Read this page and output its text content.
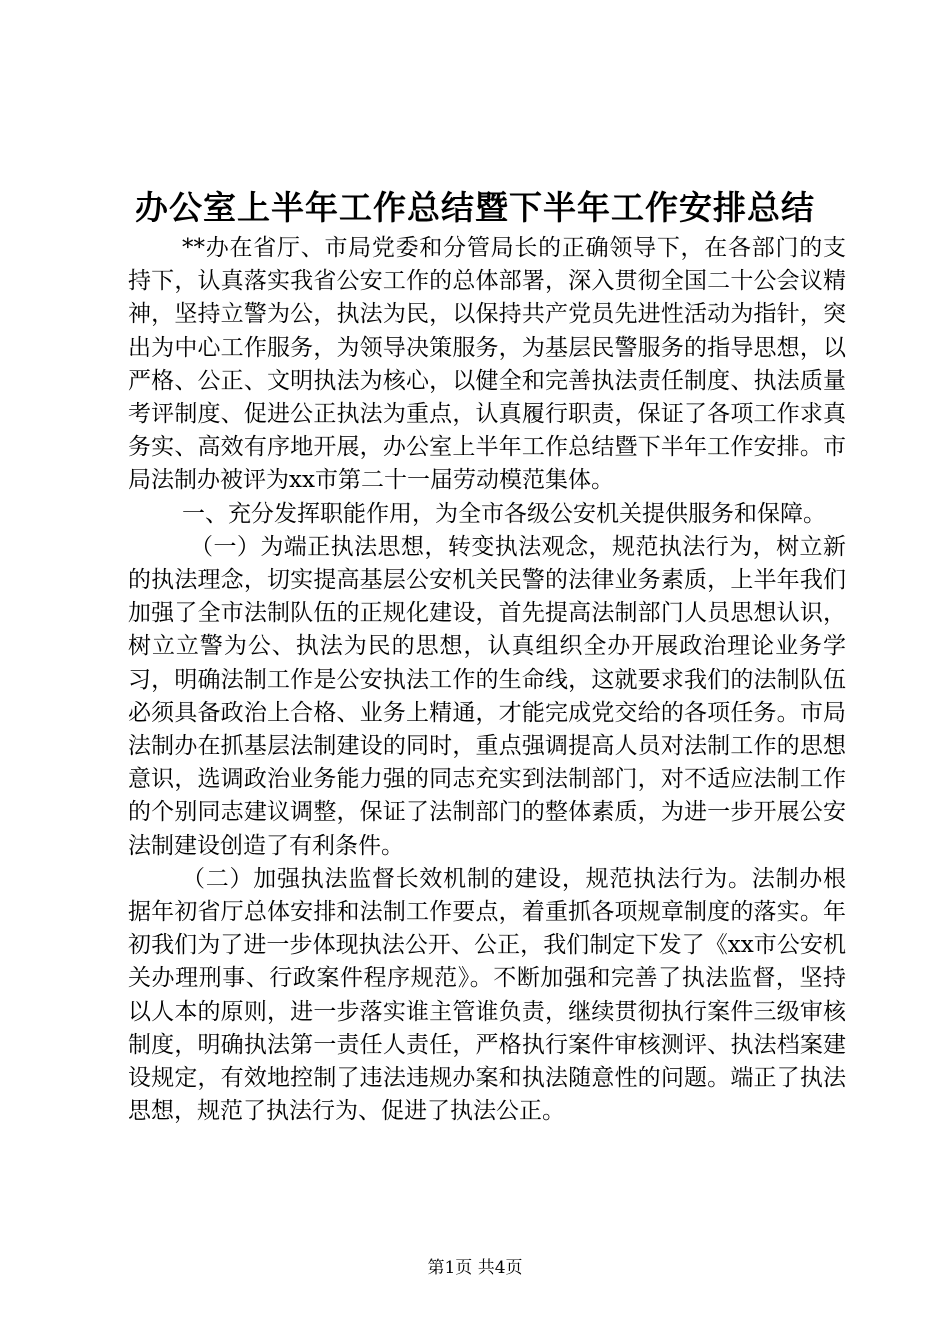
办公室上半年工作总结暨下半年工作安排总结

**办在省厅、市局党委和分管局长的正确领导下，在各部门的支持下，认真落实我省公安工作的总体部署，深入贯彻全国二十公会议精神，坚持立警为公，执法为民，以保持共产党员先进性活动为指针，突出为中心工作服务，为领导决策服务，为基层民警服务的指导思想，以严格、公正、文明执法为核心，以健全和完善执法责任制度、执法质量考评制度、促进公正执法为重点，认真履行职责，保证了各项工作求真务实、高效有序地开展，办公室上半年工作总结暨下半年工作安排。市局法制办被评为xx市第二十一届劳动模范集体。

一、充分发挥职能作用，为全市各级公安机关提供服务和保障。

（一）为端正执法思想，转变执法观念，规范执法行为，树立新的执法理念，切实提高基层公安机关民警的法律业务素质，上半年我们加强了全市法制队伍的正规化建设，首先提高法制部门人员思想认识，树立立警为公、执法为民的思想，认真组织全办开展政治理论业务学习，明确法制工作是公安执法工作的生命线，这就要求我们的法制队伍必须具备政治上合格、业务上精通，才能完成党交给的各项任务。市局法制办在抓基层法制建设的同时，重点强调提高人员对法制工作的思想意识，选调政治业务能力强的同志充实到法制部门，对不适应法制工作的个别同志建议调整，保证了法制部门的整体素质，为进一步开展公安法制建设创造了有利条件。

（二）加强执法监督长效机制的建设，规范执法行为。法制办根据年初省厅总体安排和法制工作要点，着重抓各项规章制度的落实。年初我们为了进一步体现执法公开、公正，我们制定下发了《xx市公安机关办理刑事、行政案件程序规范》。不断加强和完善了执法监督，坚持以人本的原则，进一步落实谁主管谁负责，继续贯彻执行案件三级审核制度，明确执法第一责任人责任，严格执行案件审核测评、执法档案建设规定，有效地控制了违法违规办案和执法随意性的问题。端正了执法思想，规范了执法行为、促进了执法公正。

第1页 共4页
